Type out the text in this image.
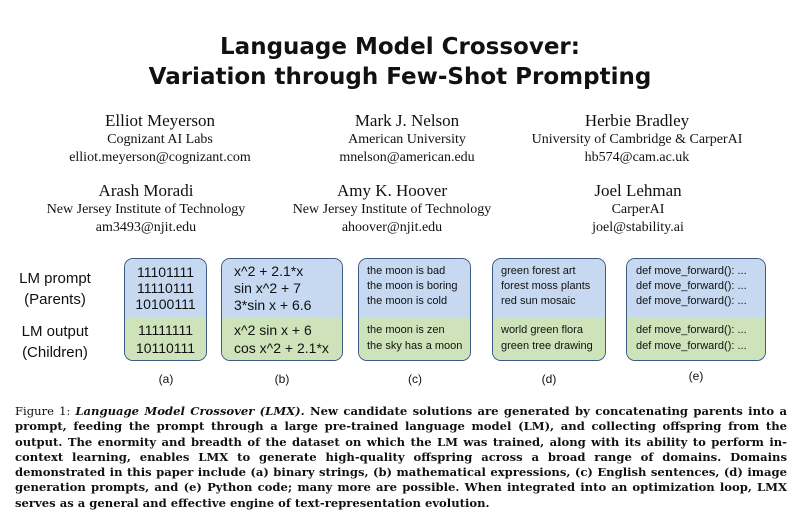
Language Model Crossover:
Variation through Few-Shot Prompting
Elliot Meyerson
Cognizant AI Labs
elliot.meyerson@cognizant.com
Mark J. Nelson
American University
mnelson@american.edu
Herbie Bradley
University of Cambridge & CarperAI
hb574@cam.ac.uk
Arash Moradi
New Jersey Institute of Technology
am3493@njit.edu
Amy K. Hoover
New Jersey Institute of Technology
ahoover@njit.edu
Joel Lehman
CarperAI
joel@stability.ai
LM prompt
(Parents)
LM output
(Children)
11101111
11110111
10100111
11111111
10110111
x^2 + 2.1*x
sin x^2 + 7
3*sin x + 6.6
x^2 sin x + 6
cos x^2 + 2.1*x
the moon is bad
the moon is boring
the moon is cold
the moon is zen
the sky has a moon
green forest art
forest moss plants
red sun mosaic
world green flora
green tree drawing
def move_forward(): ...
def move_forward(): ...
def move_forward(): ...
def move_forward(): ...
def move_forward(): ...
(a)	(b)	(c)	(d)	(e)
Figure 1: Language Model Crossover (LMX). New candidate solutions are generated by concatenating parents into a prompt, feeding the prompt through a large pre-trained language model (LM), and collecting offspring from the output. The enormity and breadth of the dataset on which the LM was trained, along with its ability to perform in-context learning, enables LMX to generate high-quality offspring across a broad range of domains. Domains demonstrated in this paper include (a) binary strings, (b) mathematical expressions, (c) English sentences, (d) image generation prompts, and (e) Python code; many more are possible. When integrated into an optimization loop, LMX serves as a general and effective engine of text-representation evolution.
